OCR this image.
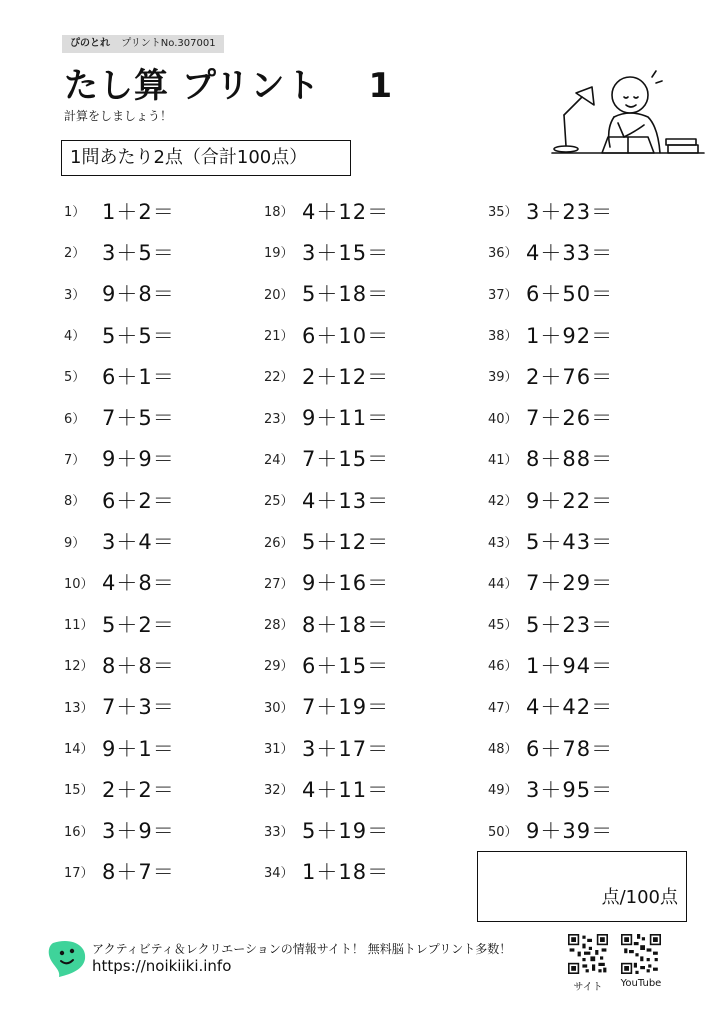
ぴのとれ プリントNo.307001
たし算 プリント 1
計算をしましょう！
1問あたり2点（合計100点）
1） 1＋2＝
2） 3＋5＝
3） 9＋8＝
4） 5＋5＝
5） 6＋1＝
6） 7＋5＝
7） 9＋9＝
8） 6＋2＝
9） 3＋4＝
10） 4＋8＝
11） 5＋2＝
12） 8＋8＝
13） 7＋3＝
14） 9＋1＝
15） 2＋2＝
16） 3＋9＝
17） 8＋7＝
18） 4＋12＝
19） 3＋15＝
20） 5＋18＝
21） 6＋10＝
22） 2＋12＝
23） 9＋11＝
24） 7＋15＝
25） 4＋13＝
26） 5＋12＝
27） 9＋16＝
28） 8＋18＝
29） 6＋15＝
30） 7＋19＝
31） 3＋17＝
32） 4＋11＝
33） 5＋19＝
34） 1＋18＝
35） 3＋23＝
36） 4＋33＝
37） 6＋50＝
38） 1＋92＝
39） 2＋76＝
40） 7＋26＝
41） 8＋88＝
42） 9＋22＝
43） 5＋43＝
44） 7＋29＝
45） 5＋23＝
46） 1＋94＝
47） 4＋42＝
48） 6＋78＝
49） 3＋95＝
50） 9＋39＝
点/100点
アクティビティ＆レクリエーションの情報サイト！ 無料脳トレプリント多数！
https://noikiiki.info
サイト	YouTube
